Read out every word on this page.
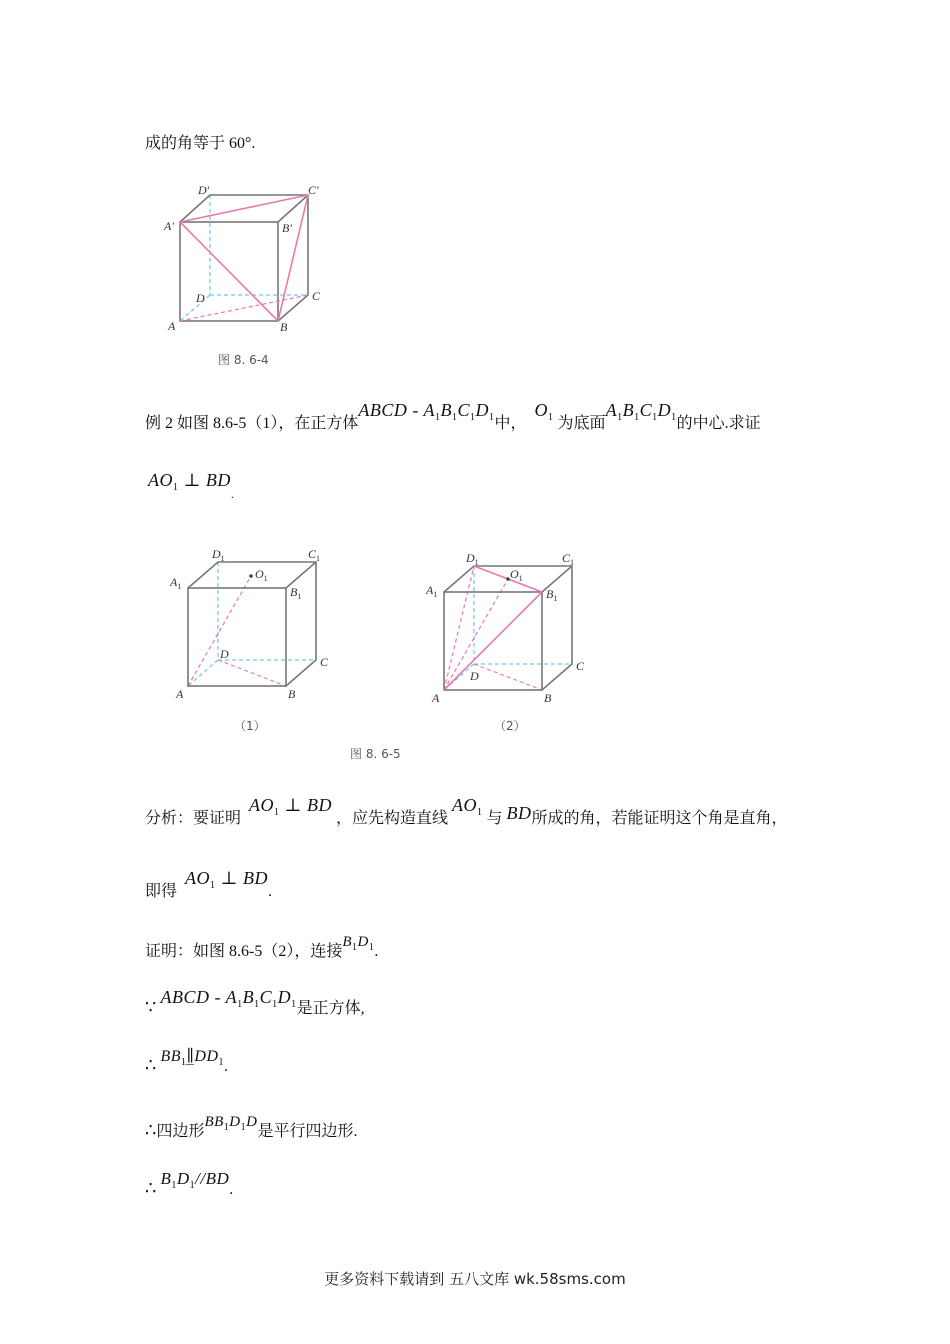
成的角等于 60°.
D′	C′
A′	B′
D	C
A	B
图 8. 6-4
例 2 如图 8.6-5（1），在正方体ABCD - $A_1B_1C_1D_1$中，  $O_1$ 为底面$A_1B_1C_1D_1$的中心.求证
$AO_1$ ⊥ $BD_.$
$D_1$	$C_1$
$A_1$	$B_1$
$O_1$
D
C
A	B
（1）
$D_1$	$C_1$
$A_1$	$B_1$
$O_1$
D
C
A	B
（2）
图 8. 6-5
分析：要证明  $AO_1$ ⊥ BD ，应先构造直线 $AO_1$ 与 BD所成的角，若能证明这个角是直角，
即得  $AO_1$ ⊥ BD.
证明：如图 8.6-5（2），连接$B_1D_1$.
∵ ABCD - $A_1B_1C_1D_1$是正方体,
∴ $BB_1\parallel̲DD_1$.
∴四边形$BB_1D_1D$是平行四边形.
∴ $B_1D_1//BD$.
更多资料下载请到 五八文库 wk.58sms.com
